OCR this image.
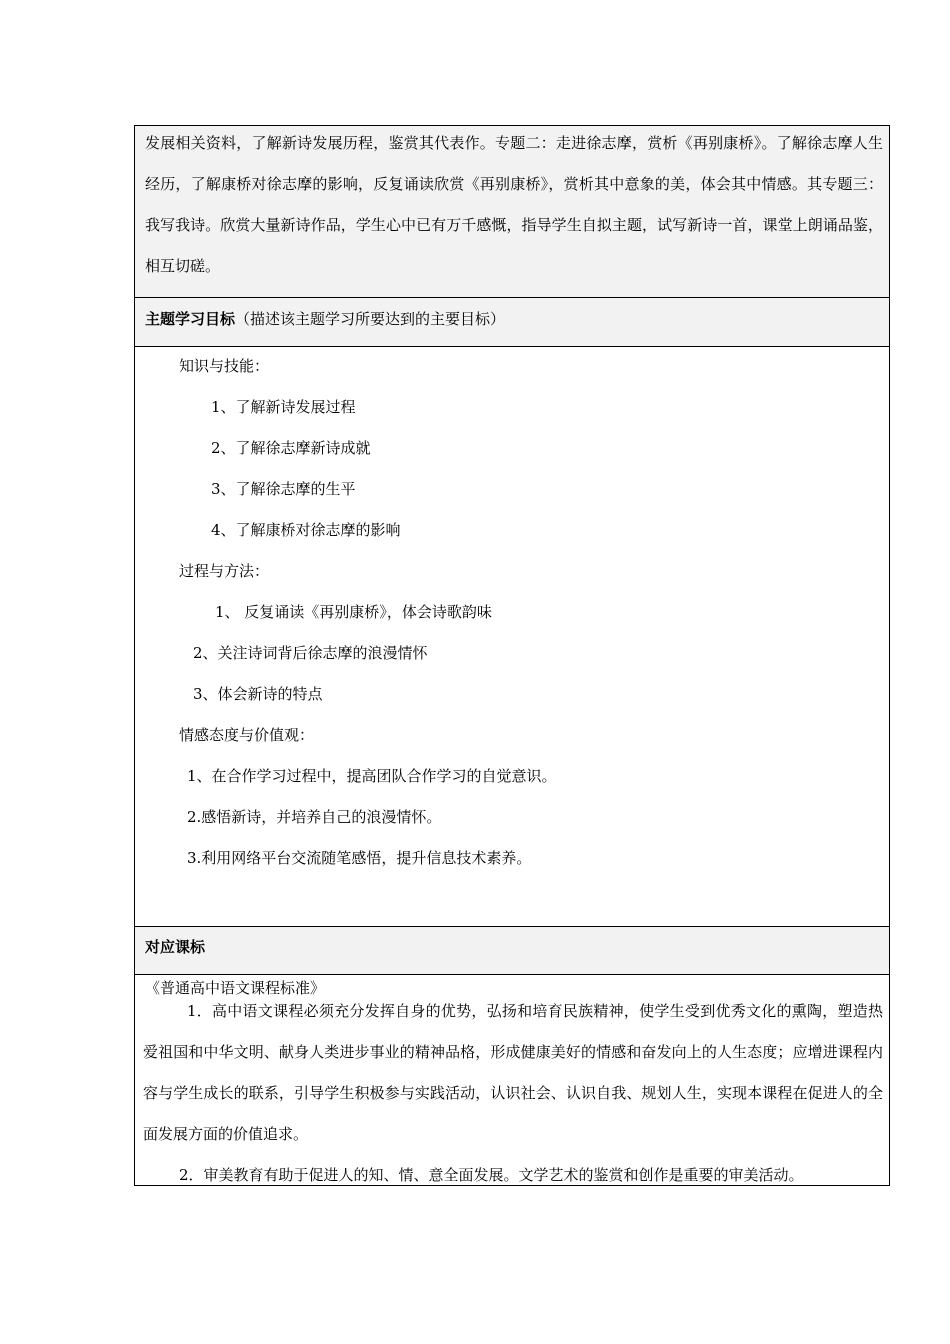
发展相关资料，了解新诗发展历程，鉴赏其代表作。专题二：走进徐志摩，赏析《再别康桥》。了解徐志摩人生经历，了解康桥对徐志摩的影响，反复诵读欣赏《再别康桥》，赏析其中意象的美，体会其中情感。其专题三：我写我诗。欣赏大量新诗作品，学生心中已有万千感慨，指导学生自拟主题，试写新诗一首，课堂上朗诵品鉴，相互切磋。
主题学习目标（描述该主题学习所要达到的主要目标）
知识与技能：
1、了解新诗发展过程
2、了解徐志摩新诗成就
3、了解徐志摩的生平
4、了解康桥对徐志摩的影响
过程与方法：
1、 反复诵读《再别康桥》，体会诗歌韵味
2、关注诗词背后徐志摩的浪漫情怀
3、体会新诗的特点
情感态度与价值观：
1、在合作学习过程中，提高团队合作学习的自觉意识。
2.感悟新诗，并培养自己的浪漫情怀。
3.利用网络平台交流随笔感悟，提升信息技术素养。
对应课标
《普通高中语文课程标准》
1．高中语文课程必须充分发挥自身的优势，弘扬和培育民族精神，使学生受到优秀文化的熏陶，塑造热爱祖国和中华文明、献身人类进步事业的精神品格，形成健康美好的情感和奋发向上的人生态度；应增进课程内容与学生成长的联系，引导学生积极参与实践活动，认识社会、认识自我、规划人生，实现本课程在促进人的全面发展方面的价值追求。
2．审美教育有助于促进人的知、情、意全面发展。文学艺术的鉴赏和创作是重要的审美活动。
